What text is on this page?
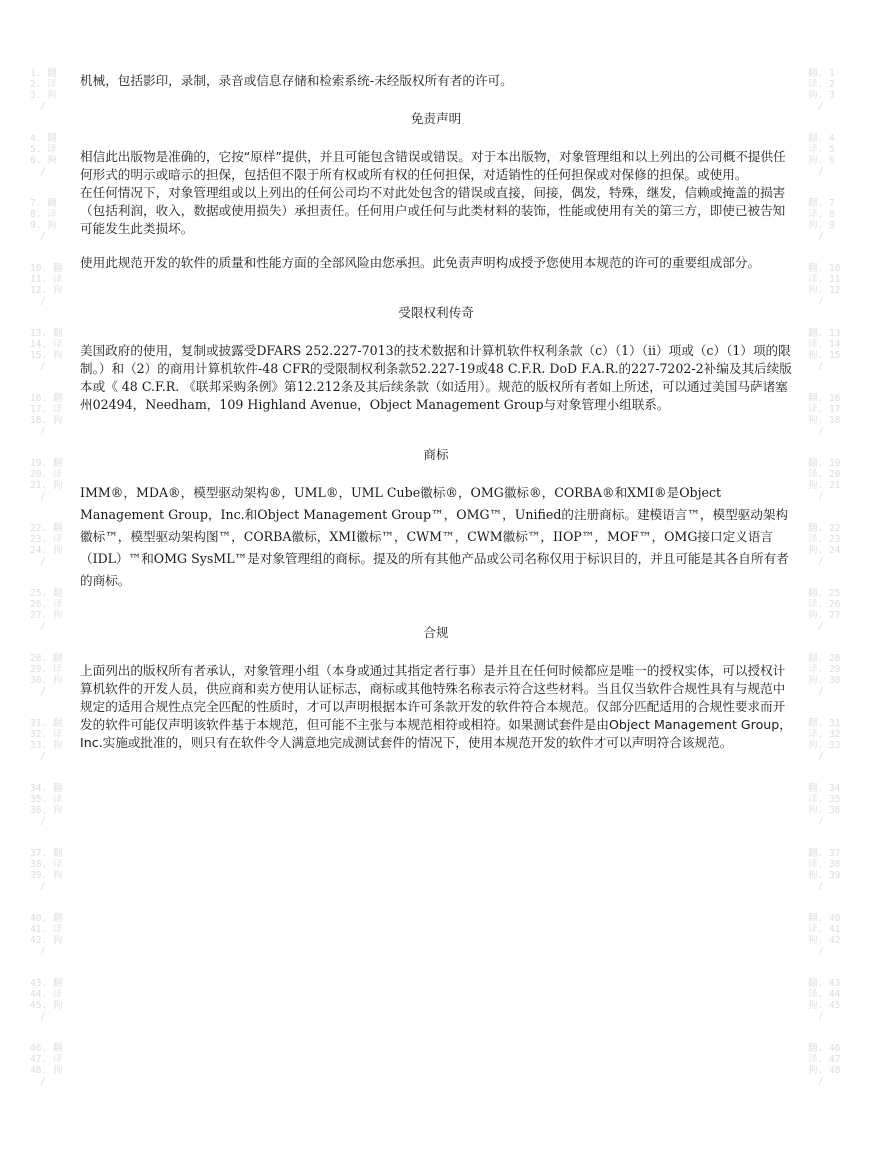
1. 翻
2. 译
3. 狗
/
4. 翻
5. 译
6. 狗
/
7. 翻
8. 译
9. 狗
/
10. 翻
11. 译
12. 狗
/
13. 翻
14. 译
15. 狗
/
16. 翻
17. 译
18. 狗
/
19. 翻
20. 译
21. 狗
/
22. 翻
23. 译
24. 狗
/
25. 翻
26. 译
27. 狗
/
28. 翻
29. 译
30. 狗
/
31. 翻
32. 译
33. 狗
/
34. 翻
35. 译
36. 狗
/
37. 翻
38. 译
39. 狗
/
40. 翻
41. 译
42. 狗
/
43. 翻
44. 译
45. 狗
/
46. 翻
47. 译
48. 狗
/
翻. 1
译. 2
狗. 3
/
翻. 4
译. 5
狗. 6
/
翻. 7
译. 8
狗. 9
/
翻. 10
译. 11
狗. 12
/
翻. 13
译. 14
狗. 15
/
翻. 16
译. 17
狗. 18
/
翻. 19
译. 20
狗. 21
/
翻. 22
译. 23
狗. 24
/
翻. 25
译. 26
狗. 27
/
翻. 28
译. 29
狗. 30
/
翻. 31
译. 32
狗. 33
/
翻. 34
译. 35
狗. 36
/
翻. 37
译. 38
狗. 39
/
翻. 40
译. 41
狗. 42
/
翻. 43
译. 44
狗. 45
/
翻. 46
译. 47
狗. 48
/

机械，包括影印，录制，录音或信息存储和检索系统-未经版权所有者的许可。

免责声明

相信此出版物是准确的，它按“原样”提供，并且可能包含错误或错误。对于本出版物，对象管理组和以上列出的公司概不提供任何形式的明示或暗示的担保，包括但不限于所有权或所有权的任何担保，对适销性的任何担保或对保修的担保。或使用。

在任何情况下，对象管理组或以上列出的任何公司均不对此处包含的错误或直接，间接，偶发，特殊，继发，信赖或掩盖的损害（包括利润，收入，数据或使用损失）承担责任。任何用户或任何与此类材料的装饰，性能或使用有关的第三方，即使已被告知可能发生此类损坏。

使用此规范开发的软件的质量和性能方面的全部风险由您承担。此免责声明构成授予您使用本规范的许可的重要组成部分。

受限权利传奇

美国政府的使用，复制或披露受DFARS 252.227-7013的技术数据和计算机软件权利条款（c）（1）（ii）项或（c）（1）项的限制。）和（2）的商用计算机软件-48 CFR的受限制权利条款52.227-19或48 C.F.R. DoD F.A.R.的227-7202-2补编及其后续版本或《 48 C.F.R. 《联邦采购条例》第12.212条及其后续条款（如适用）。规范的版权所有者如上所述，可以通过美国马萨诸塞州02494，Needham，109 Highland Avenue，Object Management Group与对象管理小组联系。

商标

IMM®，MDA®，模型驱动架构®，UML®，UML Cube徽标®，OMG徽标®，CORBA®和XMI®是Object Management Group，Inc.和Object Management Group™，OMG™，Unified的注册商标。建模语言™，模型驱动架构徽标™，模型驱动架构图™，CORBA徽标，XMI徽标™，CWM™，CWM徽标™，IIOP™，MOF™，OMG接口定义语言（IDL）™和OMG SysML™是对象管理组的商标。提及的所有其他产品或公司名称仅用于标识目的，并且可能是其各自所有者的商标。

合规

上面列出的版权所有者承认，对象管理小组（本身或通过其指定者行事）是并且在任何时候都应是唯一的授权实体，可以授权计算机软件的开发人员，供应商和卖方使用认证标志，商标或其他特殊名称表示符合这些材料。当且仅当软件合规性具有与规范中规定的适用合规性点完全匹配的性质时，才可以声明根据本许可条款开发的软件符合本规范。仅部分匹配适用的合规性要求而开发的软件可能仅声明该软件基于本规范，但可能不主张与本规范相符或相符。如果测试套件是由Object Management Group，Inc.实施或批准的，则只有在软件令人满意地完成测试套件的情况下，使用本规范开发的软件才可以声明符合该规范。
